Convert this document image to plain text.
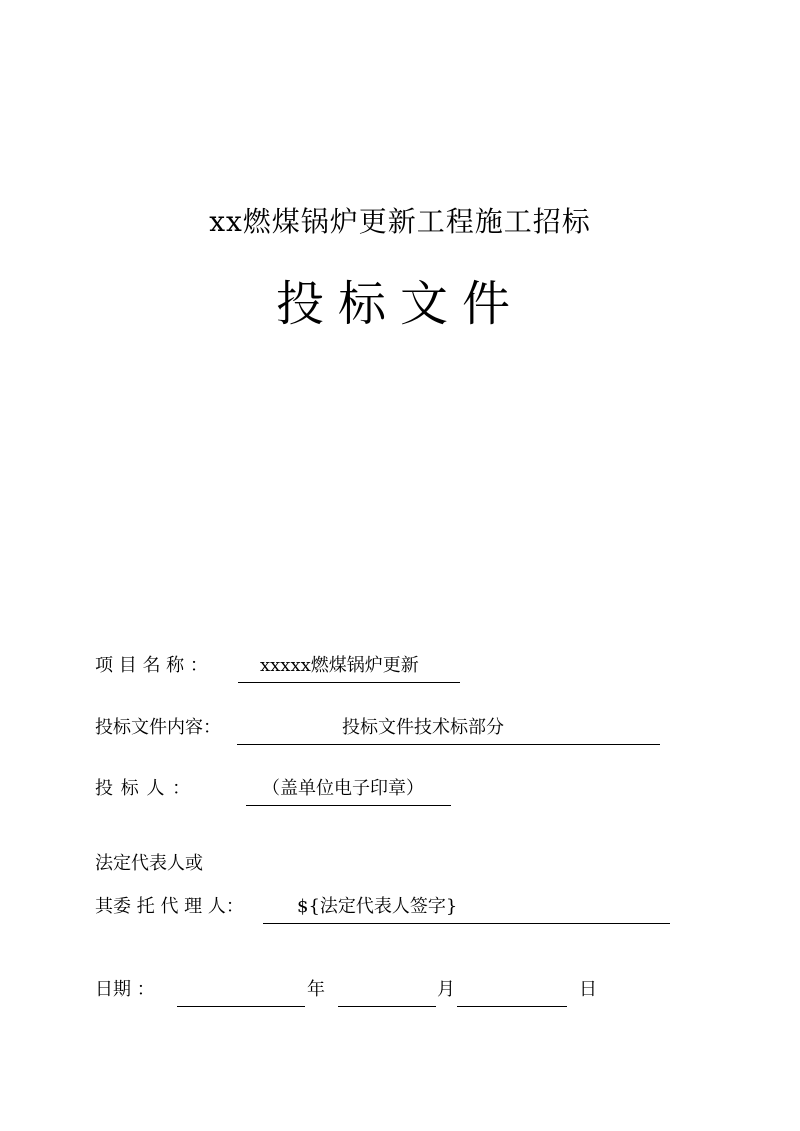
xx燃煤锅炉更新工程施工招标
投标文件
项 目 名 称 ：	xxxxx燃煤锅炉更新
投标文件内容：	投标文件技术标部分
投 标 人 ：	（盖单位电子印章）
法定代表人或
其委 托 代 理 人：	${法定代表人签字}
日期 ：	年	月	日
